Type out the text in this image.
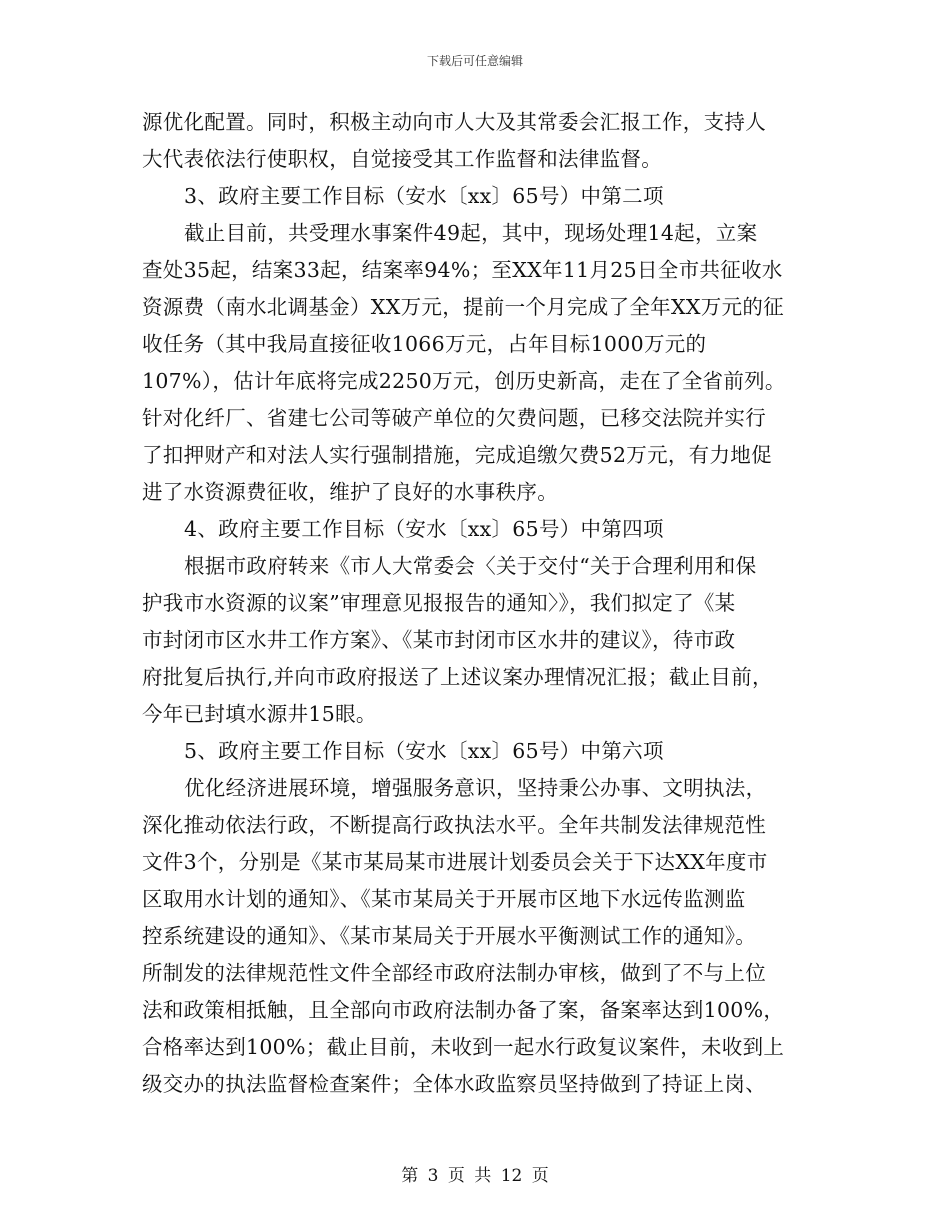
下载后可任意编辑
源优化配置。同时，积极主动向市人大及其常委会汇报工作，支持人
大代表依法行使职权，自觉接受其工作监督和法律监督。
3、政府主要工作目标（安水〔xx〕65号）中第二项
截止目前，共受理水事案件49起，其中，现场处理14起，立案
查处35起，结案33起，结案率94%；至XX年11月25日全市共征收水
资源费（南水北调基金）XX万元，提前一个月完成了全年XX万元的征
收任务（其中我局直接征收1066万元，占年目标1000万元的
107%），估计年底将完成2250万元，创历史新高，走在了全省前列。
针对化纤厂、省建七公司等破产单位的欠费问题，已移交法院并实行
了扣押财产和对法人实行强制措施，完成追缴欠费52万元，有力地促
进了水资源费征收，维护了良好的水事秩序。
4、政府主要工作目标（安水〔xx〕65号）中第四项
根据市政府转来《市人大常委会〈关于交付“关于合理利用和保
护我市水资源的议案”审理意见报报告的通知〉》，我们拟定了《某
市封闭市区水井工作方案》、《某市封闭市区水井的建议》，待市政
府批复后执行,并向市政府报送了上述议案办理情况汇报；截止目前，
今年已封填水源井15眼。
5、政府主要工作目标（安水〔xx〕65号）中第六项
优化经济进展环境，增强服务意识，坚持秉公办事、文明执法，
深化推动依法行政，不断提高行政执法水平。全年共制发法律规范性
文件3个，分别是《某市某局某市进展计划委员会关于下达XX年度市
区取用水计划的通知》、《某市某局关于开展市区地下水远传监测监
控系统建设的通知》、《某市某局关于开展水平衡测试工作的通知》。
所制发的法律规范性文件全部经市政府法制办审核，做到了不与上位
法和政策相抵触，且全部向市政府法制办备了案，备案率达到100%，
合格率达到100%；截止目前，未收到一起水行政复议案件，未收到上
级交办的执法监督检查案件；全体水政监察员坚持做到了持证上岗、
第 3 页 共 12 页
